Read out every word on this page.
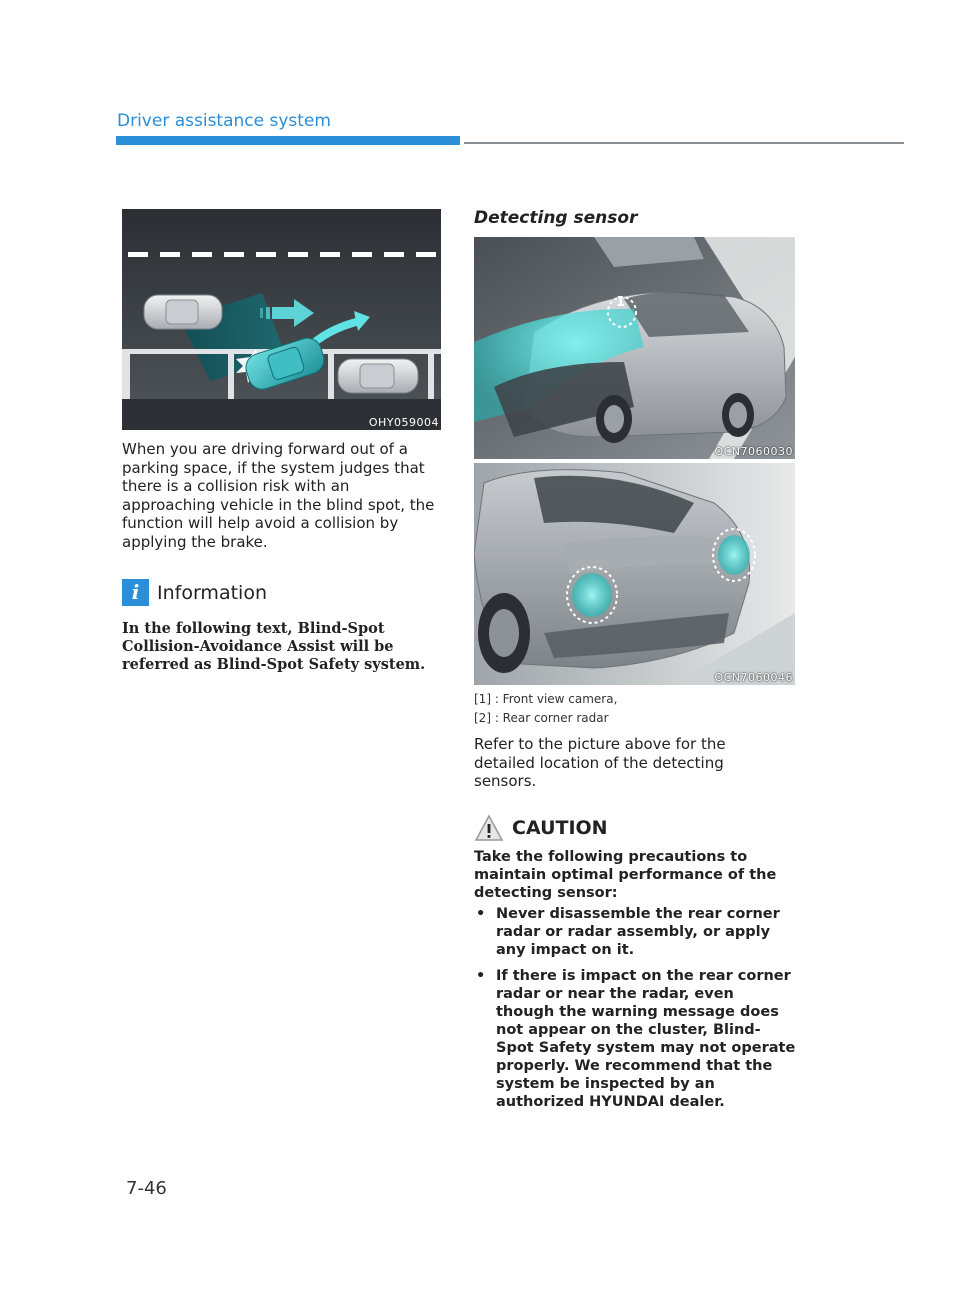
Driver assistance system
OHY059004

When you are driving forward out of a parking space, if the system judges that there is a collision risk with an approaching vehicle in the blind spot, the function will help avoid a collision by applying the brake.

i Information

In the following text, Blind-Spot Collision-Avoidance Assist will be referred as Blind-Spot Safety system.

Detecting sensor
1
OCN7060030
OCN7060046
[1] : Front view camera,
[2] : Rear corner radar

Refer to the picture above for the detailed location of the detecting sensors.

CAUTION

Take the following precautions to maintain optimal performance of the detecting sensor:

• Never disassemble the rear corner radar or radar assembly, or apply any impact on it.
• If there is impact on the rear corner radar or near the radar, even though the warning message does not appear on the cluster, Blind-Spot Safety system may not operate properly. We recommend that the system be inspected by an authorized HYUNDAI dealer.
7-46
